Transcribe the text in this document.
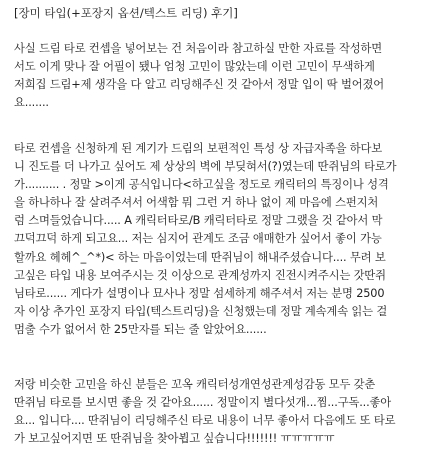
[장미 타입(+포장지 옵션/텍스트 리딩) 후기]
사실 드림 타로 컨셉을 넣어보는 건 처음이라 참고하실 만한 자료를 작성하면
서도 이게 맞나 잘 어필이 됐나 엄청 고민이 많았는데 이런 고민이 무색하게
저희집 드림+제 생각을 다 알고 리딩해주신 것 같아서 정말 입이 딱 벌어졌어
요.......
타로 컨셉을 신청하게 된 계기가 드림의 보편적인 특성 상 자급자족을 하다보
니 진도를 더 나가고 싶어도 제 상상의 벽에 부딪혀서(?)였는데 딴쥐님의 타로가
가.......... . 정말 >이게 공식입니다<하고싶을 정도로 캐릭터의 특징이나 성격
을 하나하나 잘 살려주셔서 어색함 뭐 그런 거 하나 없이 제 마음에 스펀지처
럼 스며들었습니다..... A 캐릭터타로/B 캐릭터타로 정말 그랬을 것 같아서 막
끄덕끄덕 하게 되고요... 저는 심지어 관계도 조금 애매한가 싶어서 좋이 가능
할까요 헤헤^_^*)< 하는 마음이었는데 딴쥐님이 해내주셨습니다.... 무려 보
고싶은 타입 내용 보여주시는 것 이상으로 관계성까지 진전시켜주시는 갓딴쥐
님타로...... 게다가 설명이나 묘사나 정말 섬세하게 해주셔서 저는 분명 2500
자 이상 추가인 포장지 타입(텍스트리딩)을 신청했는데 정말 계속계속 읽는 걸
멈출 수가 없어서 한 25만자를 되는 줄 알았어요......
저랑 비슷한 고민을 하신 분들은 꼬옥 캐릭터성개연성관계성감동 모두 갖춘
딴쥐님 타로를 보시면 좋을 것 같아요...... 정말이지 별다섯개...찜...구독...좋아
요... 입니다.... 딴쥐님이 리딩해주신 타로 내용이 너무 좋아서 다음에도 또 타로
가 보고싶어지면 또 딴쥐님을 찾아뵙고 싶습니다!!!!!!! ㅠㅠㅠㅠㅠ
